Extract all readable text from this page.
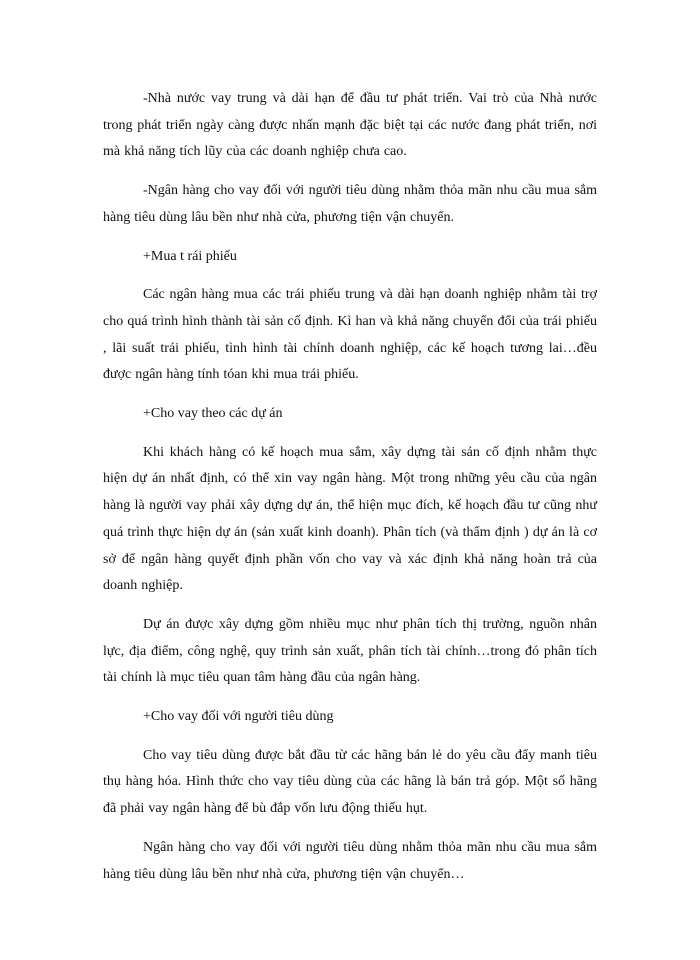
-Nhà nước vay trung và dài hạn để đầu tư phát triển. Vai trò của Nhà nước trong phát triển ngày càng được nhấn mạnh đặc biệt tại các nước đang phát triển, nơi mà khả năng tích lũy của các doanh nghiệp chưa cao.

-Ngân hàng cho vay đối với người tiêu dùng nhằm thỏa mãn nhu cầu mua sắm hàng tiêu dùng lâu bền như nhà cửa, phương tiện vận chuyển.

+Mua t rái phiếu

Các ngân hàng mua các trái phiếu trung và dài hạn doanh nghiệp nhằm tài trợ cho quá trình hình thành tài sản cố định. Kì han và khả năng chuyển đổi của trái phiếu , lãi suất trái phiếu, tình hình tài chính doanh nghiệp, các kế hoạch tương lai…đều được ngân hàng tính tóan khi mua trái phiếu.

+Cho vay theo các dự án

Khi khách hàng có kế hoạch mua sắm, xây dựng tài sản cố định nhằm thực hiện dự án nhất định, có thể xin vay ngân hàng. Một trong những yêu cầu của ngân hàng là người vay phải xây dựng dự án, thể hiện mục đích, kế hoạch đầu tư cũng như quá trình thực hiện dự án (sản xuất kinh doanh). Phân tích (và thẩm định ) dự án là cơ sở để ngân hàng quyết định phần vốn cho vay và xác định khả năng hoàn trả của doanh nghiệp.

Dự án được xây dựng gồm nhiều mục như phân tích thị trường, nguồn nhân lực, địa điểm, công nghệ, quy trình sản xuất, phân tích tài chính…trong đó phân tích tài chính là mục tiêu quan tâm hàng đầu của ngân hàng.

+Cho vay đối với người tiêu dùng

Cho vay tiêu dùng được bắt đầu từ các hãng bán lẻ do yêu cầu đẩy manh tiêu thụ hàng hóa. Hình thức cho vay tiêu dùng của các hãng là bán trả góp. Một số hãng đã phải vay ngân hàng để bù đắp vốn lưu động thiếu hụt.

Ngân hàng cho vay đối với người tiêu dùng nhằm thỏa mãn nhu cầu mua sắm hàng tiêu dùng lâu bền như nhà cửa, phương tiện vận chuyển…
